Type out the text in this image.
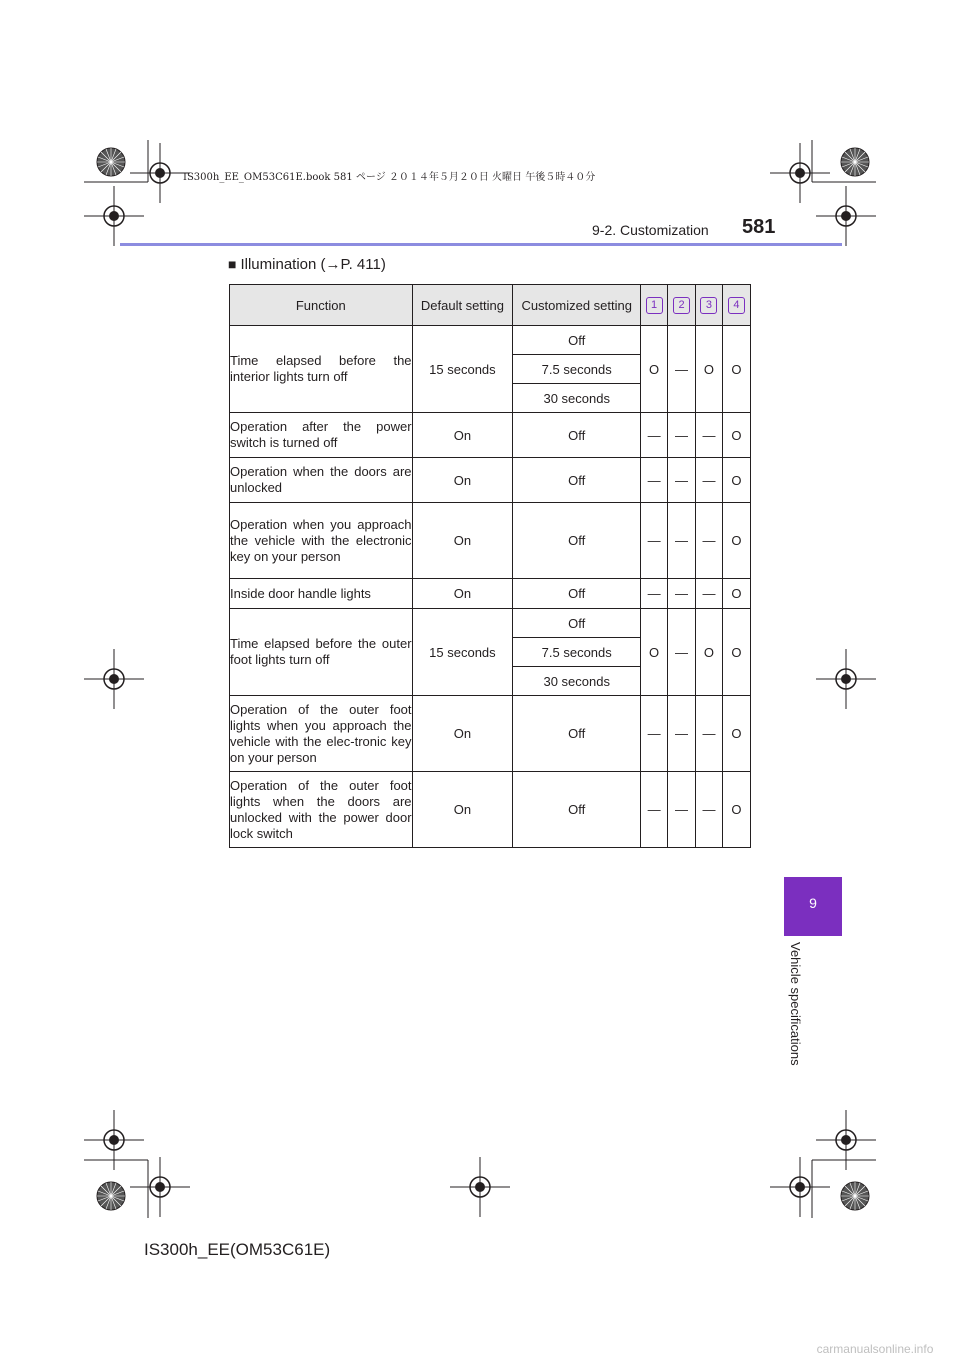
IS300h_EE_OM53C61E.book 581 ページ ２０１４年５月２０日 火曜日 午後５時４０分
9-2. Customization 581
■ Illumination (→P. 411)
Function	Default setting	Customized setting	1	2	3	4
Time elapsed before the interior lights turn off	15 seconds	Off	O	—	O	O
		7.5 seconds				
		30 seconds				
Operation after the power switch is turned off	On	Off	—	—	—	O
Operation when the doors are unlocked	On	Off	—	—	—	O
Operation when you approach the vehicle with the electronic key on your person	On	Off	—	—	—	O
Inside door handle lights	On	Off	—	—	—	O
Time elapsed before the outer foot lights turn off	15 seconds	Off	O	—	O	O
		7.5 seconds				
		30 seconds				
Operation of the outer foot lights when you approach the vehicle with the elec-tronic key on your person	On	Off	—	—	—	O
Operation of the outer foot lights when the doors are unlocked with the power door lock switch	On	Off	—	—	—	O
9
Vehicle specifications
IS300h_EE(OM53C61E)
carmanualsonline.info
